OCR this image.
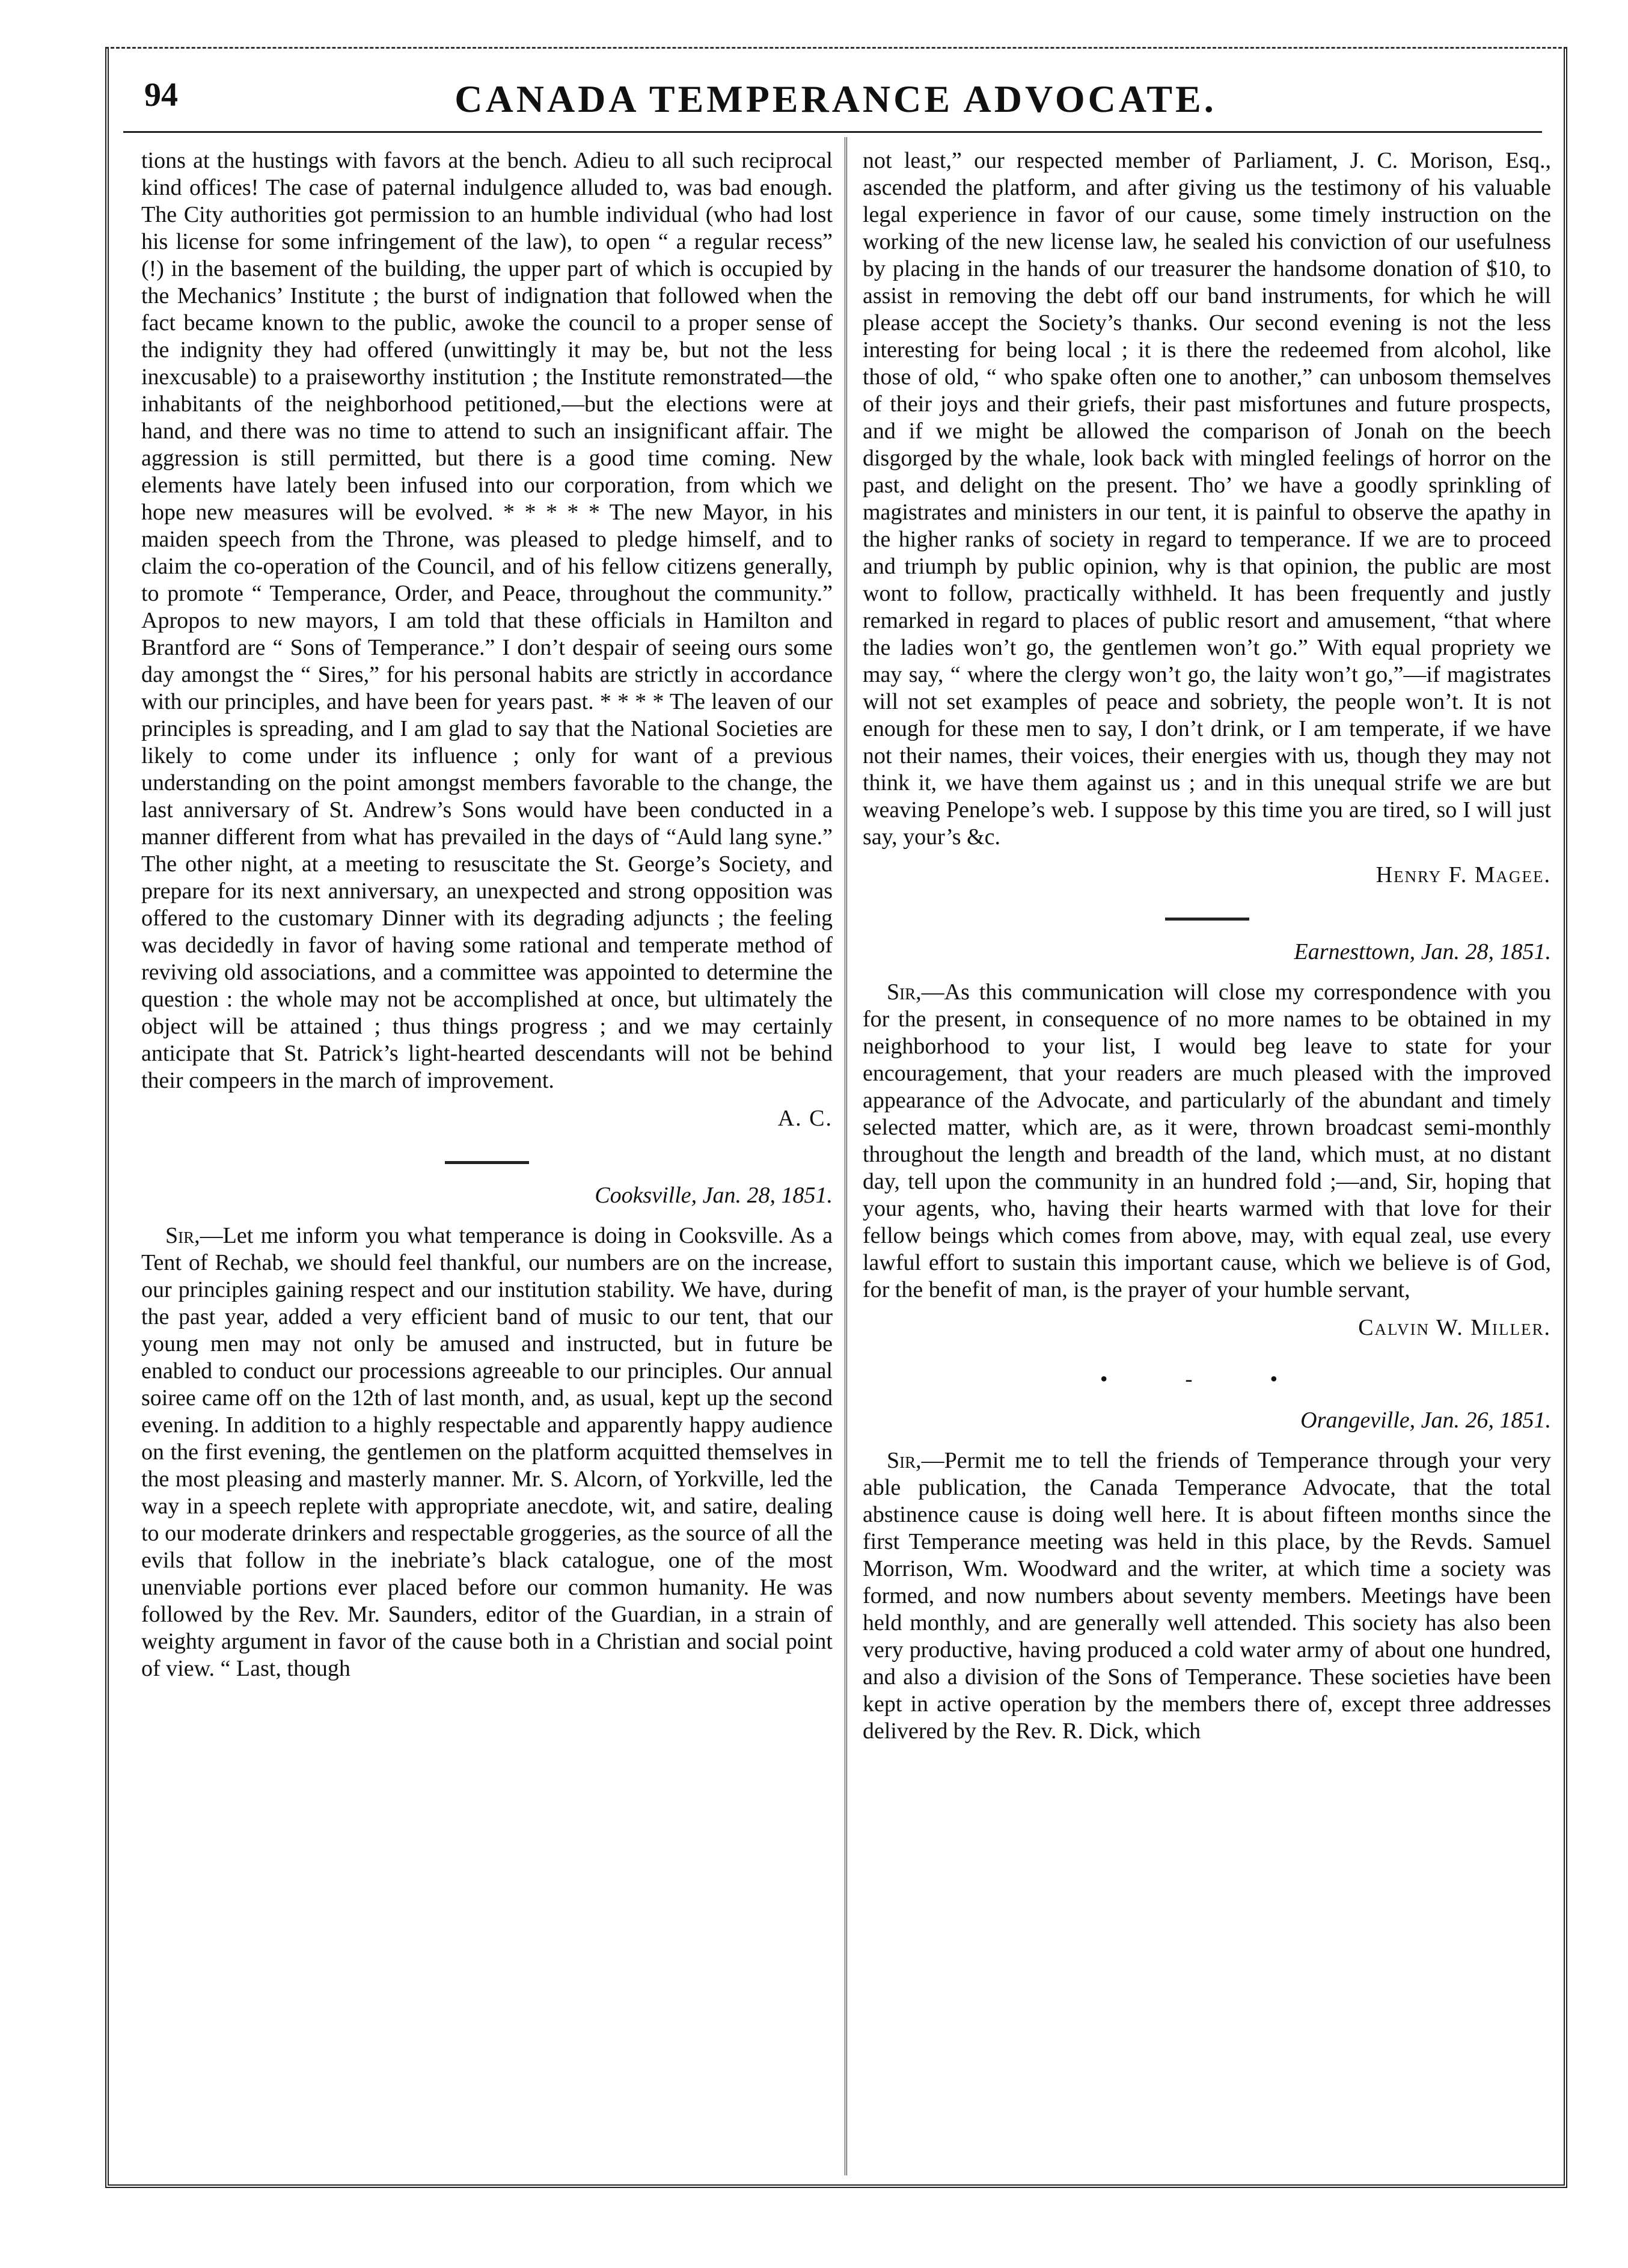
94	CANADA TEMPERANCE ADVOCATE.

tions at the hustings with favors at the bench. Adieu to all such reciprocal kind offices! The case of paternal indulgence alluded to, was bad enough. The City authorities got permission to an humble individual (who had lost his license for some infringement of the law), to open “ a regular recess” (!) in the basement of the building, the upper part of which is occupied by the Mechanics’ Institute ; the burst of indignation that followed when the fact became known to the public, awoke the council to a proper sense of the indignity they had offered (unwittingly it may be, but not the less inexcusable) to a praiseworthy institution ; the Institute remonstrated—the inhabitants of the neighborhood petitioned,—but the elections were at hand, and there was no time to attend to such an insignificant affair. The aggression is still permitted, but there is a good time coming. New elements have lately been infused into our corporation, from which we hope new measures will be evolved. * * * * * The new Mayor, in his maiden speech from the Throne, was pleased to pledge himself, and to claim the co-operation of the Council, and of his fellow citizens generally, to promote “ Temperance, Order, and Peace, throughout the community.” Apropos to new mayors, I am told that these officials in Hamilton and Brantford are “ Sons of Temperance.” I don’t despair of seeing ours some day amongst the “ Sires,” for his personal habits are strictly in accordance with our principles, and have been for years past. * * * * The leaven of our principles is spreading, and I am glad to say that the National Societies are likely to come under its influence ; only for want of a previous understanding on the point amongst members favorable to the change, the last anniversary of St. Andrew’s Sons would have been conducted in a manner different from what has prevailed in the days of “Auld lang syne.” The other night, at a meeting to resuscitate the St. George’s Society, and prepare for its next anniversary, an unexpected and strong opposition was offered to the customary Dinner with its degrading adjuncts ; the feeling was decidedly in favor of having some rational and temperate method of reviving old associations, and a committee was appointed to determine the question : the whole may not be accomplished at once, but ultimately the object will be attained ; thus things progress ; and we may certainly anticipate that St. Patrick’s light-hearted descendants will not be behind their compeers in the march of improvement.

A. C.
Cooksville, Jan. 28, 1851.

Sir,—Let me inform you what temperance is doing in Cooksville. As a Tent of Rechab, we should feel thankful, our numbers are on the increase, our principles gaining respect and our institution stability. We have, during the past year, added a very efficient band of music to our tent, that our young men may not only be amused and instructed, but in future be enabled to conduct our processions agreeable to our principles. Our annual soiree came off on the 12th of last month, and, as usual, kept up the second evening. In addition to a highly respectable and apparently happy audience on the first evening, the gentlemen on the platform acquitted themselves in the most pleasing and masterly manner. Mr. S. Alcorn, of Yorkville, led the way in a speech replete with appropriate anecdote, wit, and satire, dealing to our moderate drinkers and respectable groggeries, as the source of all the evils that follow in the inebriate’s black catalogue, one of the most unenviable portions ever placed before our common humanity. He was followed by the Rev. Mr. Saunders, editor of the Guardian, in a strain of weighty argument in favor of the cause both in a Christian and social point of view. “ Last, though

not least,” our respected member of Parliament, J. C. Morison, Esq., ascended the platform, and after giving us the testimony of his valuable legal experience in favor of our cause, some timely instruction on the working of the new license law, he sealed his conviction of our usefulness by placing in the hands of our treasurer the handsome donation of $10, to assist in removing the debt off our band instruments, for which he will please accept the Society’s thanks. Our second evening is not the less interesting for being local ; it is there the redeemed from alcohol, like those of old, “ who spake often one to another,” can unbosom themselves of their joys and their griefs, their past misfortunes and future prospects, and if we might be allowed the comparison of Jonah on the beech disgorged by the whale, look back with mingled feelings of horror on the past, and delight on the present. Tho’ we have a goodly sprinkling of magistrates and ministers in our tent, it is painful to observe the apathy in the higher ranks of society in regard to temperance. If we are to proceed and triumph by public opinion, why is that opinion, the public are most wont to follow, practically withheld. It has been frequently and justly remarked in regard to places of public resort and amusement, “that where the ladies won’t go, the gentlemen won’t go.” With equal propriety we may say, “ where the clergy won’t go, the laity won’t go,”—if magistrates will not set examples of peace and sobriety, the people won’t. It is not enough for these men to say, I don’t drink, or I am temperate, if we have not their names, their voices, their energies with us, though they may not think it, we have them against us ; and in this unequal strife we are but weaving Penelope’s web. I suppose by this time you are tired, so I will just say, your’s &c.

Henry F. Magee.
Earnesttown, Jan. 28, 1851.

Sir,—As this communication will close my correspondence with you for the present, in consequence of no more names to be obtained in my neighborhood to your list, I would beg leave to state for your encouragement, that your readers are much pleased with the improved appearance of the Advocate, and particularly of the abundant and timely selected matter, which are, as it were, thrown broadcast semi-monthly throughout the length and breadth of the land, which must, at no distant day, tell upon the community in an hundred fold ;—and, Sir, hoping that your agents, who, having their hearts warmed with that love for their fellow beings which comes from above, may, with equal zeal, use every lawful effort to sustain this important cause, which we believe is of God, for the benefit of man, is the prayer of your humble servant,

Calvin W. Miller.
• - •
Orangeville, Jan. 26, 1851.

Sir,—Permit me to tell the friends of Temperance through your very able publication, the Canada Temperance Advocate, that the total abstinence cause is doing well here. It is about fifteen months since the first Temperance meeting was held in this place, by the Revds. Samuel Morrison, Wm. Woodward and the writer, at which time a society was formed, and now numbers about seventy members. Meetings have been held monthly, and are generally well attended. This society has also been very productive, having produced a cold water army of about one hundred, and also a division of the Sons of Temperance. These societies have been kept in active operation by the members there of, except three addresses delivered by the Rev. R. Dick, which
